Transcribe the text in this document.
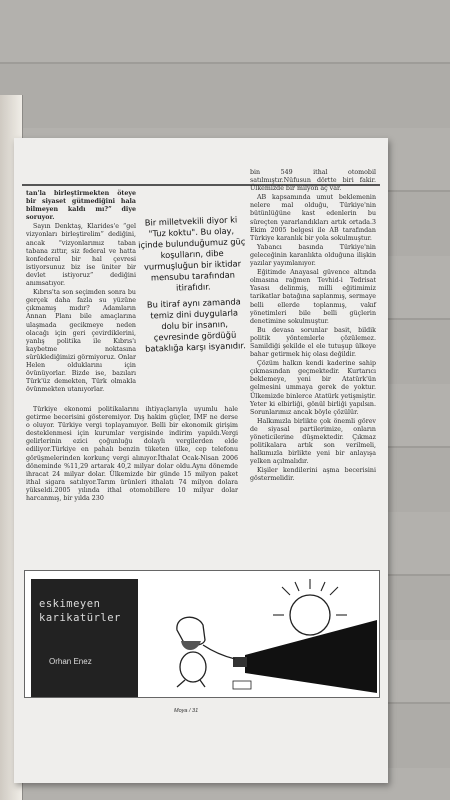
tan'la birleştirmekten öteye bir siyaset gütmediğini hala bilmeyen kaldı mı?” diye soruyor.

Sayın Denktaş, Klarides'e “gel vizyonları birleştirelim” dediğini, ancak “vizyonlarımız taban tabana zıttır, siz federal ve hatta konfederal bir hal çevresi istiyorsunuz biz ise üniter bir devlet istiyoruz” dediğini anımsatıyor.

Kıbrıs'ta son seçimden sonra bu gerçek daha fazla su yüzüne çıkmamış mıdır? Adamların Annan Planı bile amaçlarına ulaşmada gecikmeye neden olacağı için geri çevirdiklerini, yanlış politika ile Kıbrıs'ı kaybetme noktasına sürüklediğimizi görmiyoruz. Onlar Helen olduklarını için övünüyorlar. Bizde ise, bazıları Türk'üz demekten, Türk olmakla övünmekten utanıyorlar.

Bir milletvekili diyor ki "Tuz koktu". Bu olay, içinde bulunduğumuz güç koşulların, dibe vurmuşluğun bir iktidar mensubu tarafından itirafıdır.

Bu itiraf aynı zamanda temiz dini duygularla dolu bir insanın, çevresinde gördüğü bataklığa karşı isyanıdır.

Türkiye ekonomi politikalarını ihtiyaçlarıyla uyumlu hale getirme becerisini gösteremiyor. Dış hakim güçler, İMF ne derse o oluyor. Türkiye vergi toplayamıyor. Belli bir ekonomik girişim desteklenmesi için kurumlar vergisinde indirim yapıldı.Vergi gelirlerinin ezici çoğunluğu dolaylı vergilerden elde ediliyor.Türkiye en pahalı benzin tüketen ülke, cep telefonu görüşmelerinden korkunç vergi alınıyor.İthalat Ocak-Nisan 2006 döneminde %11,29 artarak 40,2 milyar dolar oldu.Aynı dönemde ihracat 24 milyar dolar. Ülkemizde bir günde 15 milyon paket ithal sigara satılıyor.Tarım ürünleri ithalatı 74 milyon dolara yükseldi.2005 yılında ithal otomobillere 10 milyar dolar harcanmış, bir yılda 230

bin 549 ithal otomobil satılmıştır.Nüfusun dörtte biri fakir. Ülkemizde bir milyon aç var.

AB kapsamında umut beklemenin nelere mal olduğu, Türkiye'nin bütünlüğüne kast edenlerin bu süreçten yararlandıkları artık ortada.3 Ekim 2005 belgesi ile AB tarafından Türkiye karanlık bir yola sokulmuştur.

Yabancı basında Türkiye'nin geleceğinin karanlıkta olduğuna ilişkin yazılar yayımlanıyor.

Eğitimde Anayasal güvence altında olmasına rağmen Tevhid-i Tedrisat Yasası delinmiş, milli eğitimimiz tarikatlar batağına saplanmış, sermaye belli ellerde toplanmış, vakıf yönetimleri bile belli güçlerin denetimine sokulmuştur.

Bu devasa sorunlar basit, bildik politik yöntemlerle çözülemez. Samildiği şekilde el ele tutuşup ülkeye bahar getirmek hiç olası değildir.

Çözüm halkın kendi kaderine sahip çıkmasından geçmektedir. Kurtarıcı beklemeye, yeni bir Atatürk'ün gelmesini ummaya gerek de yoktur. Ülkemizde binlerce Atatürk yetişmiştir. Yeter ki elbirliği, gönül birliği yapılsın. Sorunlarımız ancak böyle çözülür.

Halkımızla birlikte çok önemli görev de siyasal partilerimize, onların yöneticilerine düşmektedir. Çıkmaz politikalara artık son verilmeli, halkımızla birlikte yeni bir anlayışa yelken açılmalıdır.

Kişiler kendilerini aşma becerisini göstermelidir.

eskimeyen karikatürler
Orhan Enez
Moya / 31
